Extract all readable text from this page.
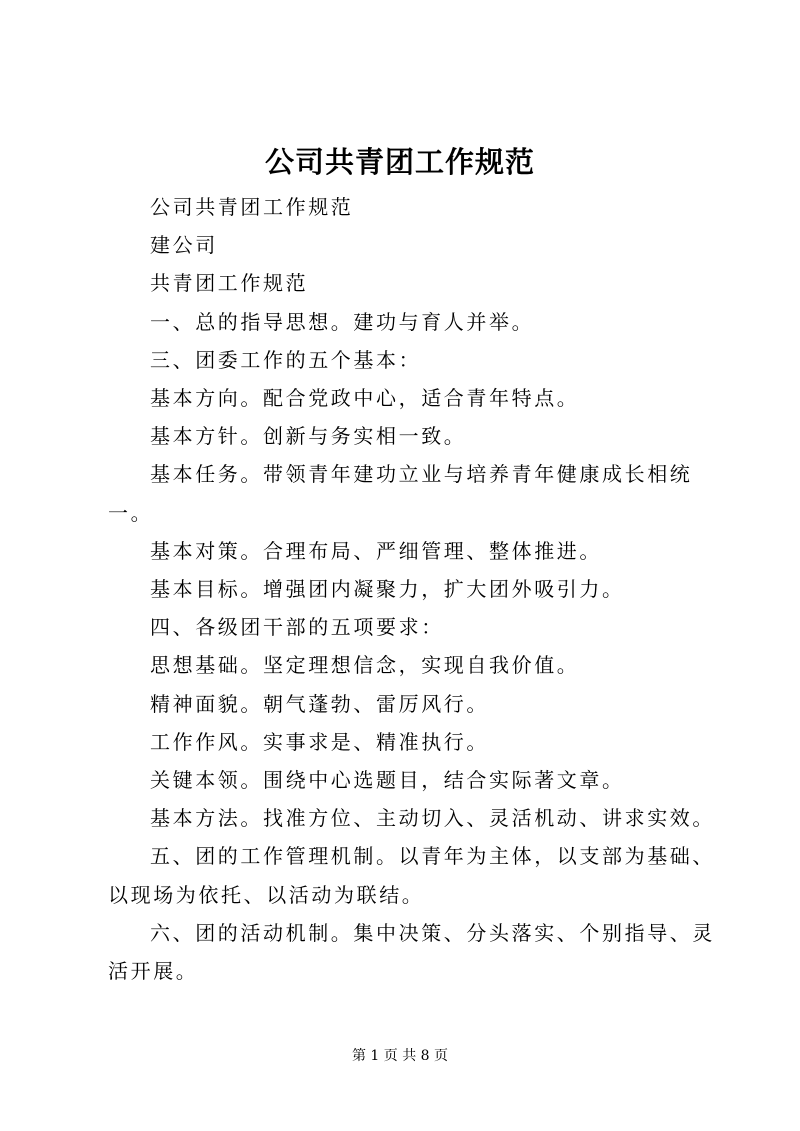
公司共青团工作规范

公司共青团工作规范

建公司

共青团工作规范

一、总的指导思想。建功与育人并举。

三、团委工作的五个基本：

基本方向。配合党政中心，适合青年特点。

基本方针。创新与务实相一致。

基本任务。带领青年建功立业与培养青年健康成长相统一。

基本对策。合理布局、严细管理、整体推进。

基本目标。增强团内凝聚力，扩大团外吸引力。

四、各级团干部的五项要求：

思想基础。坚定理想信念，实现自我价值。

精神面貌。朝气蓬勃、雷厉风行。

工作作风。实事求是、精准执行。

关键本领。围绕中心选题目，结合实际著文章。

基本方法。找准方位、主动切入、灵活机动、讲求实效。

五、团的工作管理机制。以青年为主体，以支部为基础、以现场为依托、以活动为联结。

六、团的活动机制。集中决策、分头落实、个别指导、灵活开展。

第 1 页 共 8 页
